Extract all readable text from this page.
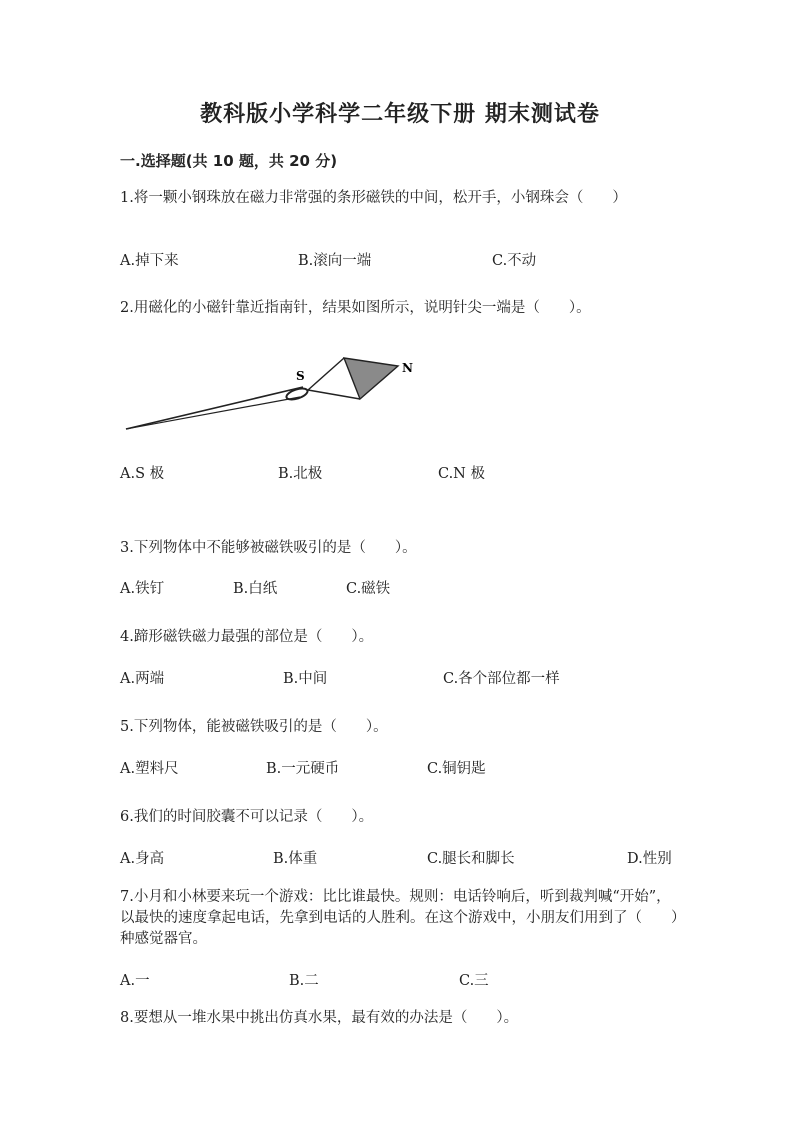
教科版小学科学二年级下册 期末测试卷
一.选择题(共 10 题，共 20 分)
1.将一颗小钢珠放在磁力非常强的条形磁铁的中间，松开手，小钢珠会（　　）
A.掉下来	B.滚向一端	C.不动
2.用磁化的小磁针靠近指南针，结果如图所示，说明针尖一端是（　　）。
S
N
A.S 极	B.北极	C.N 极
3.下列物体中不能够被磁铁吸引的是（　　）。
A.铁钉	B.白纸	C.磁铁
4.蹄形磁铁磁力最强的部位是（　　）。
A.两端	B.中间	C.各个部位都一样
5.下列物体，能被磁铁吸引的是（　　）。
A.塑料尺	B.一元硬币	C.铜钥匙
6.我们的时间胶囊不可以记录（　　）。
A.身高	B.体重	C.腿长和脚长	D.性别
7.小月和小林要来玩一个游戏：比比谁最快。规则：电话铃响后，听到裁判喊“开始”，以最快的速度拿起电话，先拿到电话的人胜利。在这个游戏中，小朋友们用到了（　　）种感觉器官。
A.一	B.二	C.三
8.要想从一堆水果中挑出仿真水果，最有效的办法是（　　）。
